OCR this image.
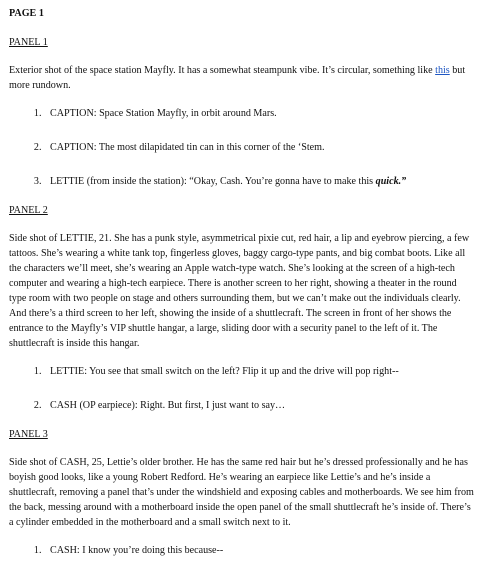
PAGE 1
PANEL 1

Exterior shot of the space station Mayfly. It has a somewhat steampunk vibe. It’s circular, something like this but more rundown.

1. CAPTION: Space Station Mayfly, in orbit around Mars.
2. CAPTION: The most dilapidated tin can in this corner of the ‘Stem.
3. LETTIE (from inside the station): “Okay, Cash. You’re gonna have to make this quick.”
PANEL 2

Side shot of LETTIE, 21. She has a punk style, asymmetrical pixie cut, red hair, a lip and eyebrow piercing, a few tattoos. She’s wearing a white tank top, fingerless gloves, baggy cargo-type pants, and big combat boots. Like all the characters we’ll meet, she’s wearing an Apple watch-type watch. She’s looking at the screen of a high-tech computer and wearing a high-tech earpiece. There is another screen to her right, showing a theater in the round type room with two people on stage and others surrounding them, but we can’t make out the individuals clearly. And there’s a third screen to her left, showing the inside of a shuttlecraft. The screen in front of her shows the entrance to the Mayfly’s VIP shuttle hangar, a large, sliding door with a security panel to the left of it. The shuttlecraft is inside this hangar.

1. LETTIE: You see that small switch on the left? Flip it up and the drive will pop right--
2. CASH (OP earpiece): Right. But first, I just want to say…
PANEL 3

Side shot of CASH, 25, Lettie’s older brother. He has the same red hair but he’s dressed professionally and he has boyish good looks, like a young Robert Redford. He’s wearing an earpiece like Lettie’s and he’s inside a shuttlecraft, removing a panel that’s under the windshield and exposing cables and motherboards. We see him from the back, messing around with a motherboard inside the open panel of the small shuttlecraft he’s inside of. There’s a cylinder embedded in the motherboard and a small switch next to it.

1. CASH: I know you’re doing this because--
